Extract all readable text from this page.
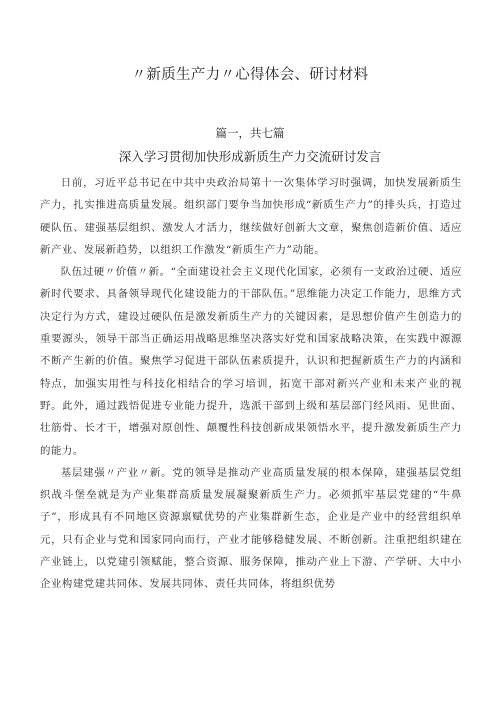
〃新质生产力〃心得体会、研讨材料
篇一，共七篇
深入学习贯彻加快形成新质生产力交流研讨发言

日前，习近平总书记在中共中央政治局第十一次集体学习时强调，加快发展新质生产力，扎实推进高质量发展。组织部门要争当加快形成“新质生产力”的排头兵，打造过硬队伍、建强基层组织、激发人才活力，继续做好创新大文章，聚焦创造新价值、适应新产业、发展新趋势，以组织工作激发“新质生产力”动能。

队伍过硬〃价值〃新。“全面建设社会主义现代化国家，必须有一支政治过硬、适应新时代要求、具备领导现代化建设能力的干部队伍。”思维能力决定工作能力，思维方式决定行为方式，建设过硬队伍是激发新质生产力的关键因素，是思想价值产生创造力的重要源头，领导干部当正确运用战略思维坚决落实好党和国家战略决策，在实践中源源不断产生新的价值。聚焦学习促进干部队伍素质提升，认识和把握新质生产力的内涵和特点，加强实用性与科技化相结合的学习培训，拓宽干部对新兴产业和未来产业的视野。此外，通过践悟促进专业能力提升，选派干部到上级和基层部门经风雨、见世面、壮筋骨、长才干，增强对原创性、颠覆性科技创新成果领悟水平，提升激发新质生产力的能力。

基层建强〃产业〃新。党的领导是推动产业高质量发展的根本保障，建强基层党组织战斗堡垒就是为产业集群高质量发展凝聚新质生产力。必须抓牢基层党建的“牛鼻子”，形成具有不同地区资源禀赋优势的产业集群新生态，企业是产业中的经营组织单元，只有企业与党和国家同向而行，产业才能够稳健发展、不断创新。注重把组织建在产业链上，以党建引领赋能，整合资源、服务保障，推动产业上下游、产学研、大中小企业构建党建共同体、发展共同体、责任共同体，将组织优势
